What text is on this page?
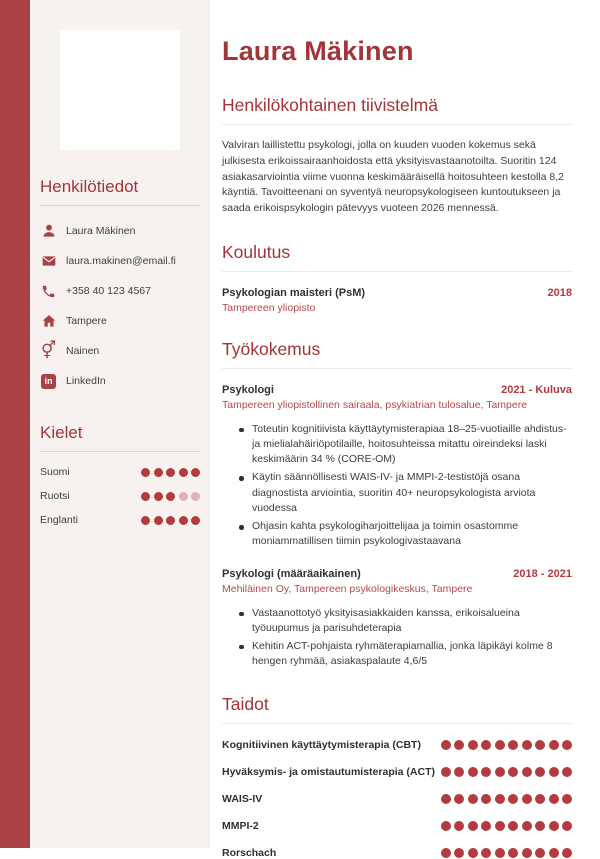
Henkilötiedot
Laura Mäkinen
laura.makinen@email.fi
+358 40 123 4567
Tampere
⚥ Nainen
in	LinkedIn
Kielet
Suomi
Ruotsi
Englanti
Laura Mäkinen
Henkilökohtainen tiivistelmä

Valviran laillistettu psykologi, jolla on kuuden vuoden kokemus sekä julkisesta erikoissairaanhoidosta että yksityisvastaanotoilta. Suoritin 124 asiakasarviointia viime vuonna keskimääräisellä hoitosuhteen kestolla 8,2 käyntiä. Tavoitteenani on syventyä neuropsykologiseen kuntoutukseen ja saada erikoispsykologin pätevyys vuoteen 2026 mennessä.

Koulutus
Psykologian maisteri (PsM)	2018
Tampereen yliopisto
Työkokemus
Psykologi	2021 - Kuluva
Tampereen yliopistollinen sairaala, psykiatrian tulosalue, Tampere
Toteutin kognitiivista käyttäytymisterapiaa 18–25-vuotiaille ahdistus- ja mielialahäiriöpotilaille, hoitosuhteissa mitattu oireindeksi laski keskimäärin 34 % (CORE-OM)
Käytin säännöllisesti WAIS-IV- ja MMPI-2-testistöjä osana diagnostista arviointia, suoritin 40+ neuropsykologista arviota vuodessa
Ohjasin kahta psykologiharjoittelijaa ja toimin osastomme moniammatillisen tiimin psykologivastaavana
Psykologi (määräaikainen)	2018 - 2021
Mehiläinen Oy, Tampereen psykologikeskus, Tampere
Vastaanottotyö yksityisasiakkaiden kanssa, erikoisalueina työuupumus ja parisuhdeterapia
Kehitin ACT-pohjaista ryhmäterapiamallia, jonka läpikäyi kolme 8 hengen ryhmää, asiakaspalaute 4,6/5
Taidot
Kognitiivinen käyttäytymisterapia (CBT)
Hyväksymis- ja omistautumisterapia (ACT)
WAIS-IV
MMPI-2
Rorschach
